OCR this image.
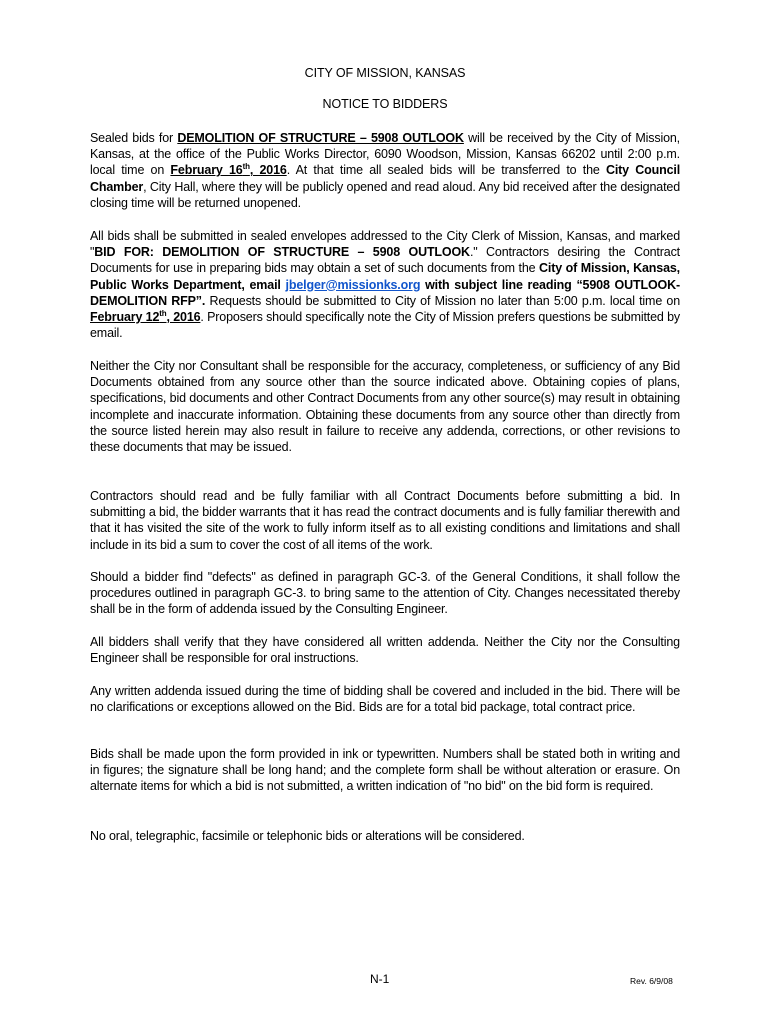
CITY OF MISSION, KANSAS
NOTICE TO BIDDERS

Sealed bids for DEMOLITION OF STRUCTURE – 5908 OUTLOOK will be received by the City of Mission, Kansas, at the office of the Public Works Director, 6090 Woodson, Mission, Kansas 66202 until 2:00 p.m. local time on February 16th, 2016. At that time all sealed bids will be transferred to the City Council Chamber, City Hall, where they will be publicly opened and read aloud. Any bid received after the designated closing time will be returned unopened.

All bids shall be submitted in sealed envelopes addressed to the City Clerk of Mission, Kansas, and marked "BID FOR: DEMOLITION OF STRUCTURE – 5908 OUTLOOK." Contractors desiring the Contract Documents for use in preparing bids may obtain a set of such documents from the City of Mission, Kansas, Public Works Department, email jbelger@missionks.org with subject line reading “5908 OUTLOOK- DEMOLITION RFP”. Requests should be submitted to City of Mission no later than 5:00 p.m. local time on February 12th, 2016. Proposers should specifically note the City of Mission prefers questions be submitted by email.

Neither the City nor Consultant shall be responsible for the accuracy, completeness, or sufficiency of any Bid Documents obtained from any source other than the source indicated above. Obtaining copies of plans, specifications, bid documents and other Contract Documents from any other source(s) may result in obtaining incomplete and inaccurate information. Obtaining these documents from any source other than directly from the source listed herein may also result in failure to receive any addenda, corrections, or other revisions to these documents that may be issued.

Contractors should read and be fully familiar with all Contract Documents before submitting a bid. In submitting a bid, the bidder warrants that it has read the contract documents and is fully familiar therewith and that it has visited the site of the work to fully inform itself as to all existing conditions and limitations and shall include in its bid a sum to cover the cost of all items of the work.

Should a bidder find "defects" as defined in paragraph GC-3. of the General Conditions, it shall follow the procedures outlined in paragraph GC-3. to bring same to the attention of City. Changes necessitated thereby shall be in the form of addenda issued by the Consulting Engineer.

All bidders shall verify that they have considered all written addenda. Neither the City nor the Consulting Engineer shall be responsible for oral instructions.

Any written addenda issued during the time of bidding shall be covered and included in the bid. There will be no clarifications or exceptions allowed on the Bid. Bids are for a total bid package, total contract price.

Bids shall be made upon the form provided in ink or typewritten. Numbers shall be stated both in writing and in figures; the signature shall be long hand; and the complete form shall be without alteration or erasure. On alternate items for which a bid is not submitted, a written indication of "no bid" on the bid form is required.

No oral, telegraphic, facsimile or telephonic bids or alterations will be considered.

N-1	Rev. 6/9/08
